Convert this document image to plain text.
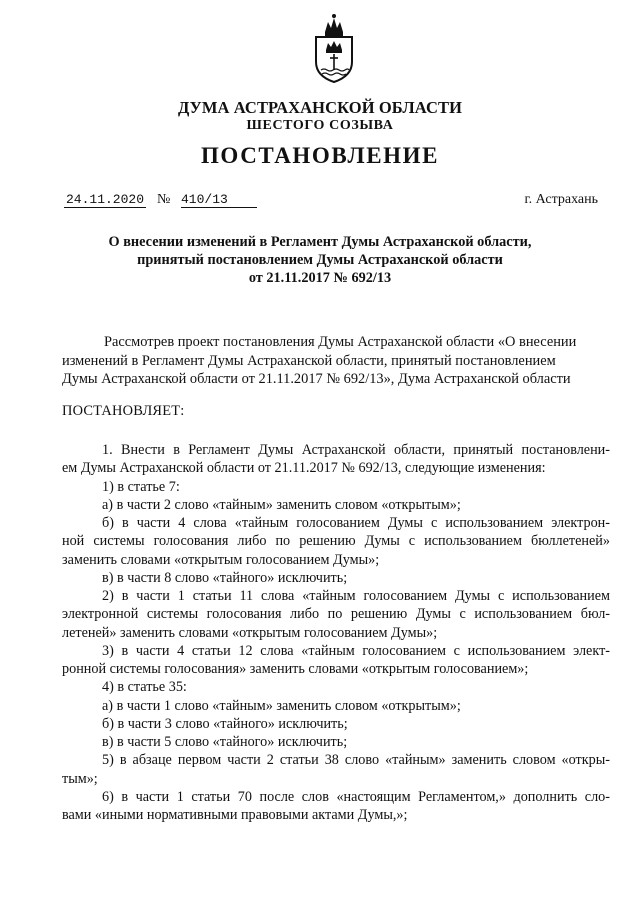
ДУМА АСТРАХАНСКОЙ ОБЛАСТИ
ШЕСТОГО СОЗЫВА
ПОСТАНОВЛЕНИЕ
24.11.2020 № 410/13	г. Астрахань
О внесении изменений в Регламент Думы Астраханской области,
принятый постановлением Думы Астраханской области
от 21.11.2017 № 692/13
Рассмотрев проект постановления Думы Астраханской области «О внесении
изменений в Регламент Думы Астраханской области, принятый постановлением
Думы Астраханской области от 21.11.2017 № 692/13», Дума Астраханской области
ПОСТАНОВЛЯЕТ:
1. Внести в Регламент Думы Астраханской области, принятый постановлени-
ем Думы Астраханской области от 21.11.2017 № 692/13, следующие изменения:
1) в статье 7:
а) в части 2 слово «тайным» заменить словом «открытым»;
б) в части 4 слова «тайным голосованием Думы с использованием электрон-
ной системы голосования либо по решению Думы с использованием бюллетеней»
заменить словами «открытым голосованием Думы»;
в) в части 8 слово «тайного» исключить;
2) в части 1 статьи 11 слова «тайным голосованием Думы с использованием
электронной системы голосования либо по решению Думы с использованием бюл-
летеней» заменить словами «открытым голосованием Думы»;
3) в части 4 статьи 12 слова «тайным голосованием с использованием элект-
ронной системы голосования» заменить словами «открытым голосованием»;
4) в статье 35:
а) в части 1 слово «тайным» заменить словом «открытым»;
б) в части 3 слово «тайного» исключить;
в) в части 5 слово «тайного» исключить;
5) в абзаце первом части 2 статьи 38 слово «тайным» заменить словом «откры-
тым»;
6) в части 1 статьи 70 после слов «настоящим Регламентом,» дополнить сло-
вами «иными нормативными правовыми актами Думы,»;
